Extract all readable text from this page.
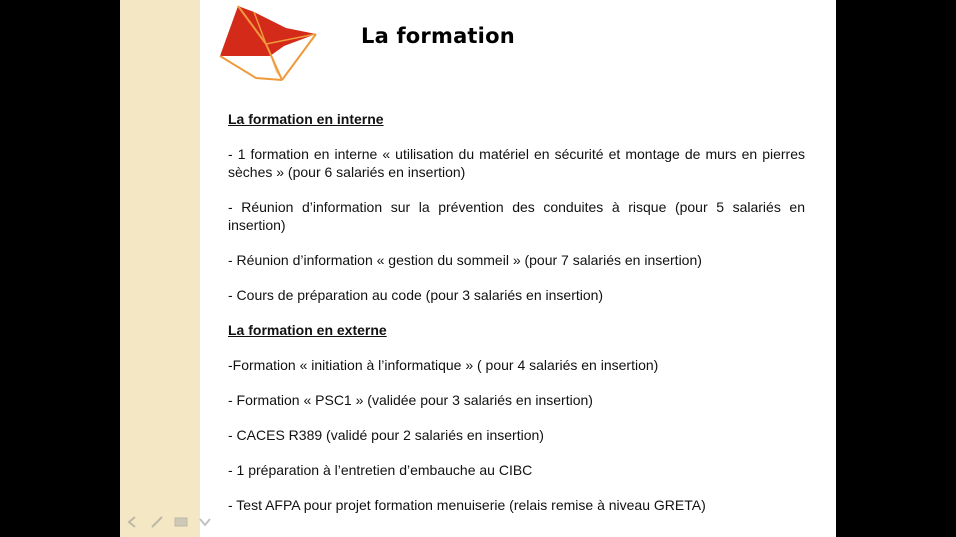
La formation
La formation en interne
- 1 formation en interne « utilisation du matériel en sécurité et montage de murs en pierres sèches » (pour 6 salariés en insertion)
- Réunion d’information sur la prévention des conduites à risque (pour 5 salariés en insertion)
- Réunion d’information « gestion du sommeil » (pour 7 salariés en insertion)
- Cours de préparation au code (pour 3 salariés en insertion)
La formation en externe
-Formation « initiation à l’informatique » ( pour 4 salariés en insertion)
- Formation « PSC1 » (validée pour 3 salariés en insertion)
- CACES R389 (validé pour 2 salariés en insertion)
- 1 préparation à l’entretien d’embauche au CIBC
- Test AFPA pour projet formation menuiserie (relais remise à niveau GRETA)
